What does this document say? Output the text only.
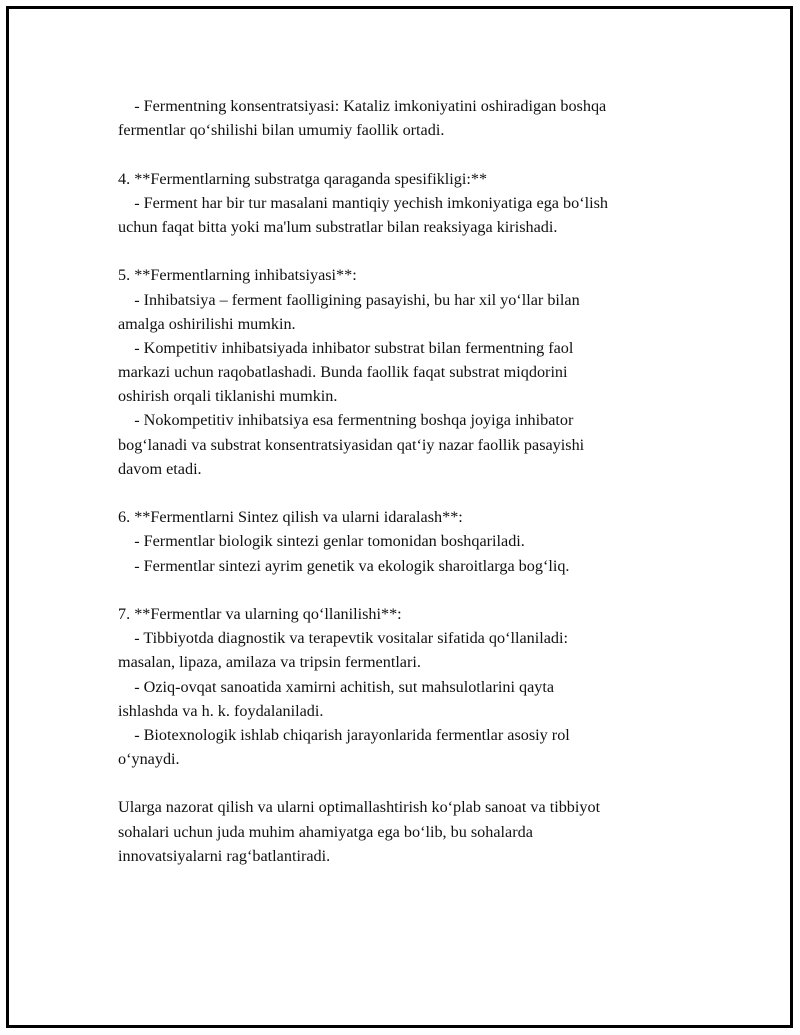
- Fermentning konsentratsiyasi: Kataliz imkoniyatini oshiradigan boshqa
fermentlar qo‘shilishi bilan umumiy faollik ortadi.
4. **Fermentlarning substratga qaraganda spesifikligi:**
- Ferment har bir tur masalani mantiqiy yechish imkoniyatiga ega bo‘lish
uchun faqat bitta yoki ma'lum substratlar bilan reaksiyaga kirishadi.
5. **Fermentlarning inhibatsiyasi**:
- Inhibatsiya – ferment faolligining pasayishi, bu har xil yo‘llar bilan
amalga oshirilishi mumkin.
- Kompetitiv inhibatsiyada inhibator substrat bilan fermentning faol
markazi uchun raqobatlashadi. Bunda faollik faqat substrat miqdorini
oshirish orqali tiklanishi mumkin.
- Nokompetitiv inhibatsiya esa fermentning boshqa joyiga inhibator
bog‘lanadi va substrat konsentratsiyasidan qat‘iy nazar faollik pasayishi
davom etadi.
6. **Fermentlarni Sintez qilish va ularni idaralash**:
- Fermentlar biologik sintezi genlar tomonidan boshqariladi.
- Fermentlar sintezi ayrim genetik va ekologik sharoitlarga bog‘liq.
7. **Fermentlar va ularning qo‘llanilishi**:
- Tibbiyotda diagnostik va terapevtik vositalar sifatida qo‘llaniladi:
masalan, lipaza, amilaza va tripsin fermentlari.
- Oziq-ovqat sanoatida xamirni achitish, sut mahsulotlarini qayta
ishlashda va h. k. foydalaniladi.
- Biotexnologik ishlab chiqarish jarayonlarida fermentlar asosiy rol
o‘ynaydi.
Ularga nazorat qilish va ularni optimallashtirish ko‘plab sanoat va tibbiyot
sohalari uchun juda muhim ahamiyatga ega bo‘lib, bu sohalarda
innovatsiyalarni rag‘batlantiradi.
